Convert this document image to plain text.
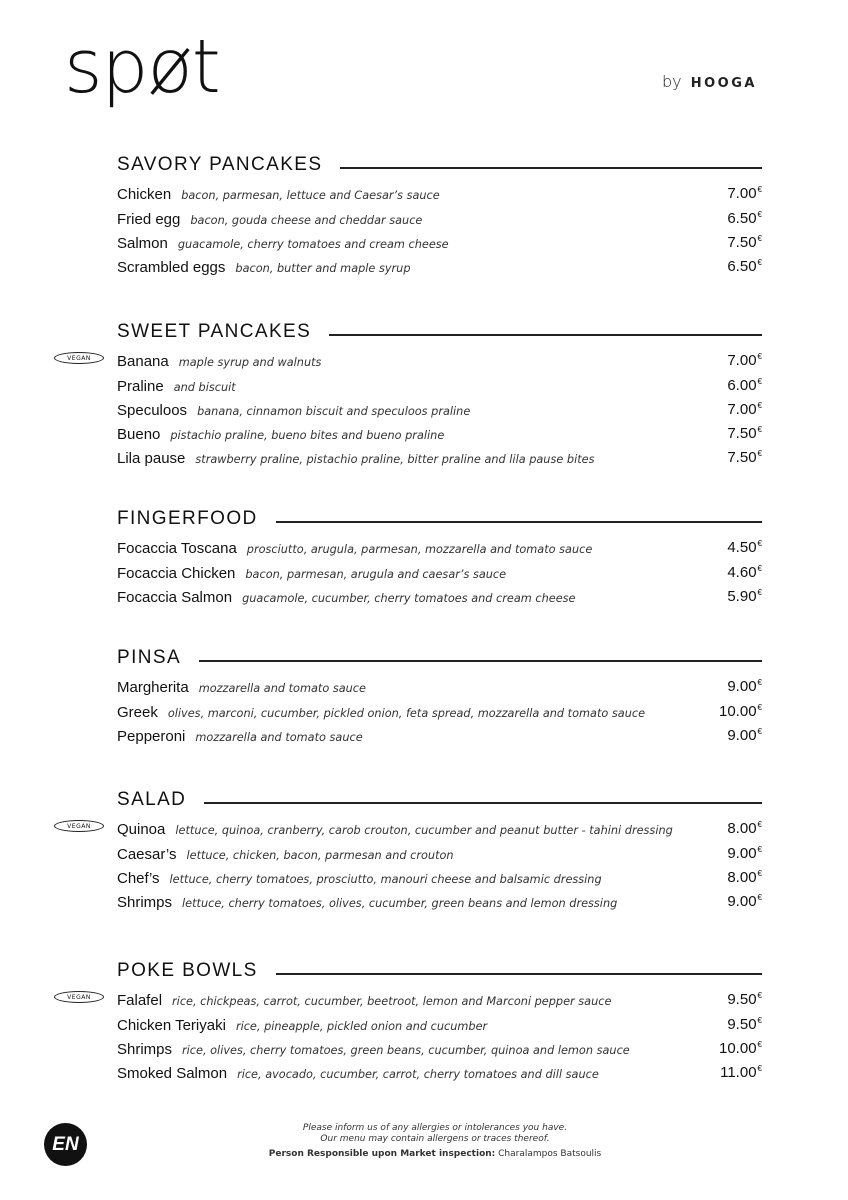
spøt	by HOOGA
SAVORY PANCAKES
Chicken bacon, parmesan, lettuce and Caesar’s sauce	7.00€
Fried egg bacon, gouda cheese and cheddar sauce	6.50€
Salmon guacamole, cherry tomatoes and cream cheese	7.50€
Scrambled eggs bacon, butter and maple syrup	6.50€
SWEET PANCAKES
VEGAN	Banana maple syrup and walnuts	7.00€
Praline and biscuit	6.00€
Speculoos banana, cinnamon biscuit and speculoos praline	7.00€
Bueno pistachio praline, bueno bites and bueno praline	7.50€
Lila pause strawberry praline, pistachio praline, bitter praline and lila pause bites	7.50€
FINGERFOOD
Focaccia Toscana prosciutto, arugula, parmesan, mozzarella and tomato sauce	4.50€
Focaccia Chicken bacon, parmesan, arugula and caesar’s sauce	4.60€
Focaccia Salmon guacamole, cucumber, cherry tomatoes and cream cheese	5.90€
PINSA
Margherita mozzarella and tomato sauce	9.00€
Greek olives, marconi, cucumber, pickled onion, feta spread, mozzarella and tomato sauce	10.00€
Pepperoni mozzarella and tomato sauce	9.00€
SALAD
VEGAN	Quinoa lettuce, quinoa, cranberry, carob crouton, cucumber and peanut butter - tahini dressing	8.00€
Caesar’s lettuce, chicken, bacon, parmesan and crouton	9.00€
Chef’s lettuce, cherry tomatoes, prosciutto, manouri cheese and balsamic dressing	8.00€
Shrimps lettuce, cherry tomatoes, olives, cucumber, green beans and lemon dressing	9.00€
POKE BOWLS
VEGAN	Falafel rice, chickpeas, carrot, cucumber, beetroot, lemon and Marconi pepper sauce	9.50€
Chicken Teriyaki rice, pineapple, pickled onion and cucumber	9.50€
Shrimps rice, olives, cherry tomatoes, green beans, cucumber, quinoa and lemon sauce	10.00€
Smoked Salmon rice, avocado, cucumber, carrot, cherry tomatoes and dill sauce	11.00€
Please inform us of any allergies or intolerances you have.
Our menu may contain allergens or traces thereof.
Person Responsible upon Market inspection: Charalampos Batsoulis
EN
